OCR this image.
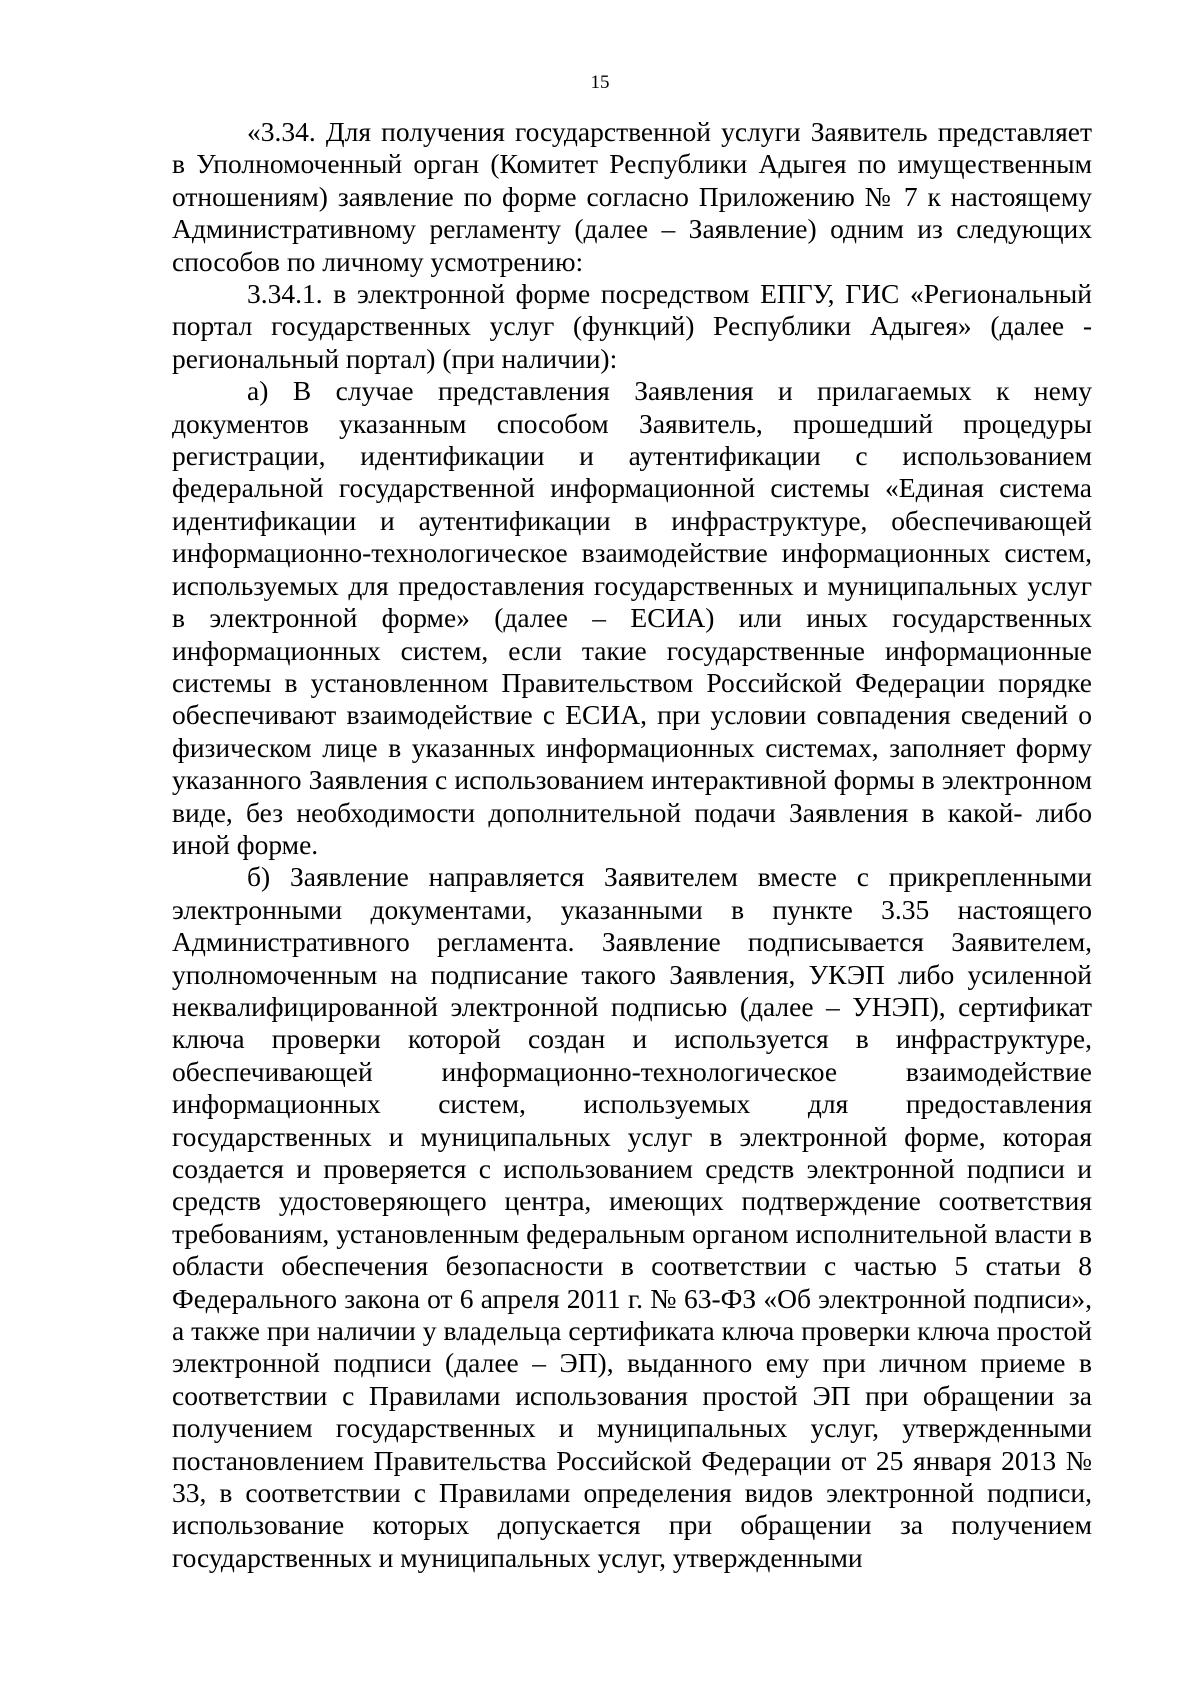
15

«3.34. Для получения государственной услуги Заявитель представляет в Уполномоченный орган (Комитет Республики Адыгея по имущественным отношениям) заявление по форме согласно Приложению № 7 к настоящему Административному регламенту (далее – Заявление) одним из следующих способов по личному усмотрению:

3.34.1. в электронной форме посредством ЕПГУ, ГИС «Региональный портал государственных услуг (функций) Республики Адыгея» (далее - региональный портал) (при наличии):

а) В случае представления Заявления и прилагаемых к нему документов указанным способом Заявитель, прошедший процедуры регистрации, идентификации и аутентификации с использованием федеральной государственной информационной системы «Единая система идентификации и аутентификации в инфраструктуре, обеспечивающей информационно-технологическое взаимодействие информационных систем, используемых для предоставления государственных и муниципальных услуг в электронной форме» (далее – ЕСИА) или иных государственных информационных систем, если такие государственные информационные системы в установленном Правительством Российской Федерации порядке обеспечивают взаимодействие с ЕСИА, при условии совпадения сведений о физическом лице в указанных информационных системах, заполняет форму указанного Заявления с использованием интерактивной формы в электронном виде, без необходимости дополнительной подачи Заявления в какой- либо иной форме.

б) Заявление направляется Заявителем вместе с прикрепленными электронными документами, указанными в пункте 3.35 настоящего Административного регламента. Заявление подписывается Заявителем, уполномоченным на подписание такого Заявления, УКЭП либо усиленной неквалифицированной электронной подписью (далее – УНЭП), сертификат ключа проверки которой создан и используется в инфраструктуре, обеспечивающей информационно-технологическое взаимодействие информационных систем, используемых для предоставления государственных и муниципальных услуг в электронной форме, которая создается и проверяется с использованием средств электронной подписи и средств удостоверяющего центра, имеющих подтверждение соответствия требованиям, установленным федеральным органом исполнительной власти в области обеспечения безопасности в соответствии с частью 5 статьи 8 Федерального закона от 6 апреля 2011 г. № 63-ФЗ «Об электронной подписи», а также при наличии у владельца сертификата ключа проверки ключа простой электронной подписи (далее – ЭП), выданного ему при личном приеме в соответствии с Правилами использования простой ЭП при обращении за получением государственных и муниципальных услуг, утвержденными постановлением Правительства Российской Федерации от 25 января 2013 № 33, в соответствии с Правилами определения видов электронной подписи, использование которых допускается при обращении за получением государственных и муниципальных услуг, утвержденными
